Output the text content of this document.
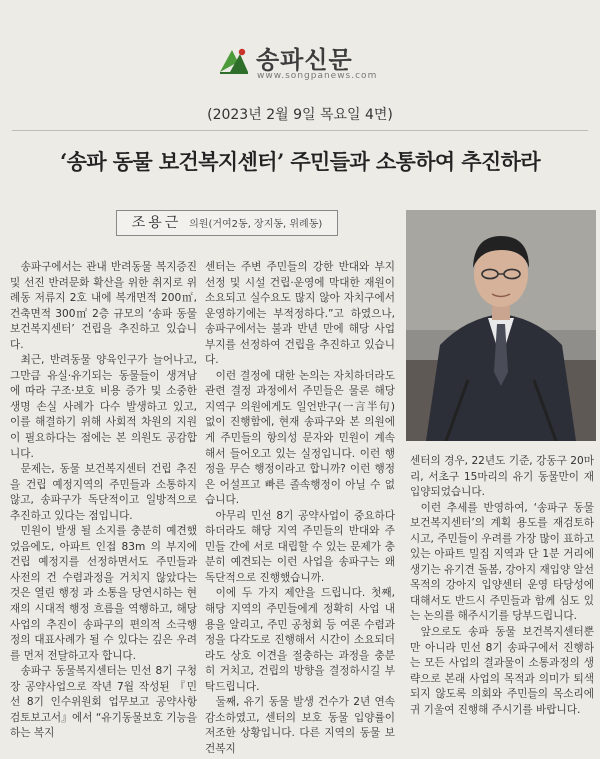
송파신문
www.songpanews.com
(2023년 2월 9일 목요일 4면)
‘송파 동물 보건복지센터’ 주민들과 소통하여 추진하라
조용근 의원(거여2동, 장지동, 위례동)

송파구에서는 관내 반려동물 복지증진 및 선진 반려문화 확산을 위한 취지로 위례동 저류지 2호 내에 복개면적 200㎡, 건축면적 300㎡ 2층 규모의 ‘송파 동물 보건복지센터’ 건립을 추진하고 있습니다.

최근, 반려동물 양육인구가 늘어나고, 그만큼 유실·유기되는 동물들이 생겨남에 따라 구조·보호 비용 증가 및 소중한 생명 손실 사례가 다수 발생하고 있고, 이를 해결하기 위해 사회적 차원의 지원이 필요하다는 점에는 본 의원도 공감합니다.

문제는, 동물 보건복지센터 건립 추진을 건립 예정지역의 주민들과 소통하지 않고, 송파구가 독단적이고 일방적으로 추진하고 있다는 점입니다.

민원이 발생 될 소지를 충분히 예견했었음에도, 아파트 인접 83m 의 부지에 건립 예정지를 선정하면서도 주민들과 사전의 건 수렴과정을 거치지 않았다는 것은 열린 행정 과 소통을 당연시하는 현재의 시대적 행정 흐름을 역행하고, 해당 사업의 추진이 송파구의 편의적 소극행정의 대표사례가 될 수 있다는 깊은 우려를 먼저 전달하고자 합니다.

송파구 동물복지센터는 민선 8기 구청장 공약사업으로 작년 7월 작성된 『민선 8기 인수위원회 업무보고 공약사항 검토보고서』에서 “유기동물보호 기능을 하는 복지

센터는 주변 주민들의 강한 반대와 부지선정 및 시설 건립·운영에 막대한 재원이 소요되고 실수요도 많지 않아 자치구에서 운영하기에는 부적정하다.”고 하였으나, 송파구에서는 불과 반년 만에 해당 사업 부지를 선정하여 건립을 추진하고 있습니다.

이런 결정에 대한 논의는 자치하더라도 관련 결정 과정에서 주민들은 물론 해당 지역구 의원에게도 일언반구(一言半句) 없이 진행함에, 현재 송파구와 본 의원에게 주민들의 항의성 문자와 민원이 계속해서 들어오고 있는 실정입니다. 이런 행정을 무슨 행정이라고 합니까? 이런 행정은 어설프고 빠른 졸속행정이 아닐 수 없습니다.

아무리 민선 8기 공약사업이 중요하다 하더라도 해당 지역 주민들의 반대와 주민들 간에 서로 대립할 수 있는 문제가 충분히 예견되는 이런 사업을 송파구는 왜 독단적으로 진행했습니까.

이에 두 가지 제안을 드립니다. 첫째, 해당 지역의 주민들에게 정확히 사업 내용을 알리고, 주민 공청회 등 여론 수렴과정을 다각도로 진행해서 시간이 소요되더라도 상호 이견을 절충하는 과정을 충분히 거치고, 건립의 방향을 결정하시길 부탁드립니다.

둘째, 유기 동물 발생 건수가 2년 연속 감소하였고, 센터의 보호 동물 입양률이 저조한 상황입니다. 다른 지역의 동물 보건복지

센터의 경우, 22년도 기준, 강동구 20마리, 서초구 15마리의 유기 동물만이 재입양되었습니다.

이런 추세를 반영하여, ‘송파구 동물 보건복지센터’의 계획 용도를 재검토하시고, 주민들이 우려를 가장 많이 표하고 있는 아파트 밀집 지역과 단 1분 거리에 생기는 유기견 돌봄, 강아지 재입양 알선 목적의 강아지 입양센터 운영 타당성에 대해서도 반드시 주민들과 함께 심도 있는 논의를 해주시기를 당부드립니다.

앞으로도 송파 동물 보건복지센터뿐만 아니라 민선 8기 송파구에서 진행하는 모든 사업의 결과물이 소통과정의 생략으로 본래 사업의 목적과 의미가 퇴색되지 않도록 의회와 주민들의 목소리에 귀 기울여 진행해 주시기를 바랍니다.
